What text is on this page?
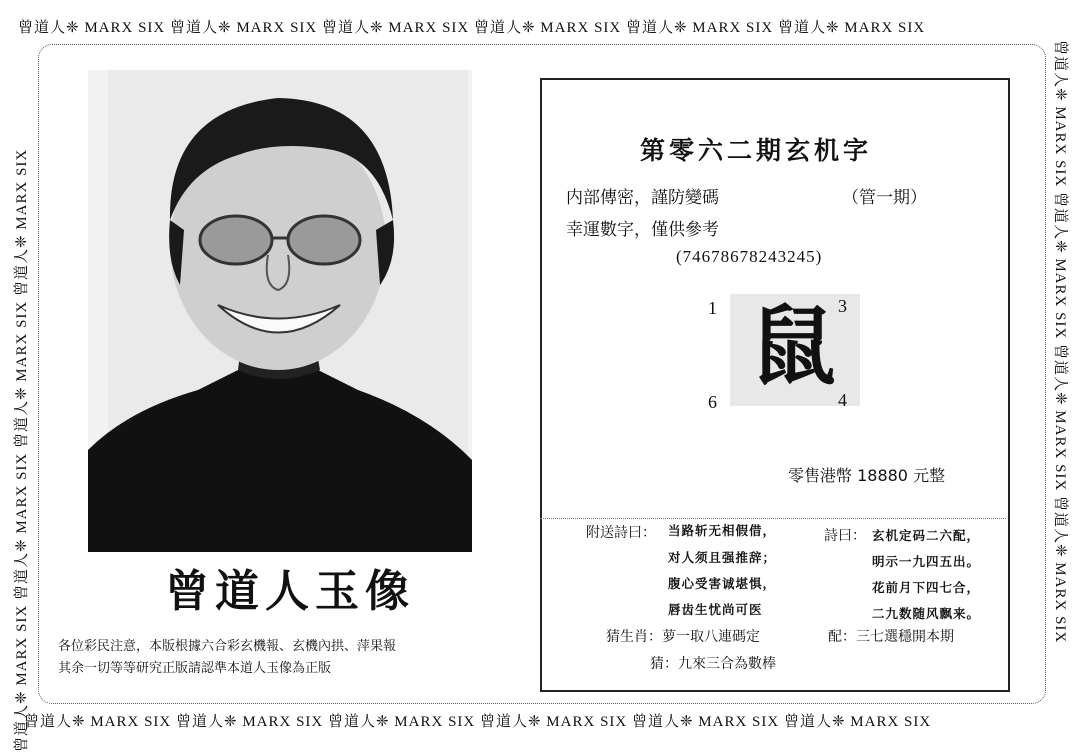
曾道人❈ MARX SIX 曾道人❈ MARX SIX 曾道人❈ MARX SIX 曾道人❈ MARX SIX 曾道人❈ MARX SIX 曾道人❈ MARX SIX
曾道人❈ MARX SIX 曾道人❈ MARX SIX 曾道人❈ MARX SIX 曾道人❈ MARX SIX 曾道人❈ MARX SIX 曾道人❈ MARX SIX
曾道人❈ MARX SIX 曾道人❈ MARX SIX 曾道人❈ MARX SIX 曾道人❈ MARX SIX	曾道人❈ MARX SIX 曾道人❈ MARX SIX 曾道人❈ MARX SIX 曾道人❈ MARX SIX
曾道人玉像
各位彩民注意，本版根據六合彩玄機報、玄機內拱、萍果報
其余一切等等研究正版請認準本道人玉像為正版
第零六二期玄机字
内部傳密，謹防變碼	（管一期）
幸運數字，僅供參考
(74678678243245)
鼠
1	3
6	4
零售港幣 18880 元整
附送詩曰： 当路斩无相假借，
对人须且强推辞；
腹心受害诚堪惧，
唇齿生忧尚可医
詩曰： 玄机定码二六配，
明示一九四五出。
花前月下四七合，
二九数随风飘来。
猜生肖：萝一取八連碼定	配：三七選穩開本期
猜：九來三合為數棒
